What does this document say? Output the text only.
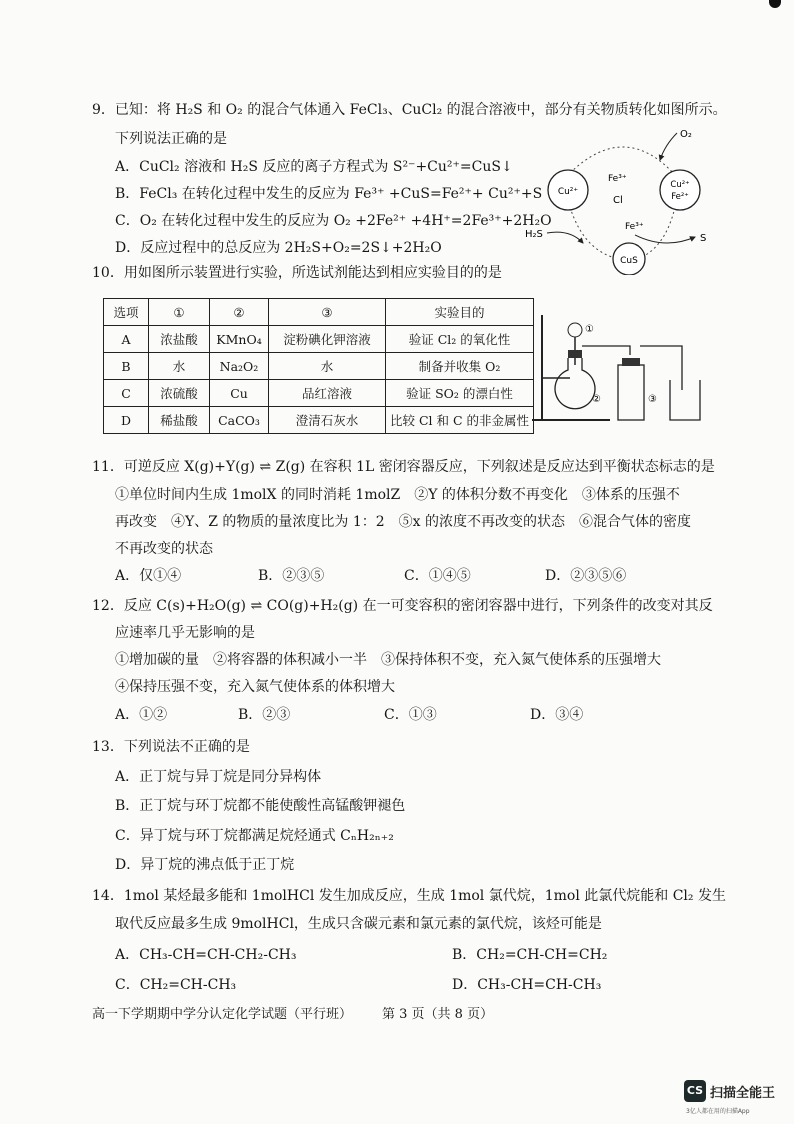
9．已知：将 H₂S 和 O₂ 的混合气体通入 FeCl₃、CuCl₂ 的混合溶液中，部分有关物质转化如图所示。
下列说法正确的是
A．CuCl₂ 溶液和 H₂S 反应的离子方程式为 S²⁻+Cu²⁺=CuS↓
B．FeCl₃ 在转化过程中发生的反应为 Fe³⁺ +CuS=Fe²⁺+ Cu²⁺+S
C．O₂ 在转化过程中发生的反应为 O₂ +2Fe²⁺ +4H⁺=2Fe³⁺+2H₂O
D．反应过程中的总反应为 2H₂S+O₂=2S↓+2H₂O
Cu²⁺
Cu²⁺
Fe²⁺
CuS
O₂
Fe³⁺
Cl
Fe³⁺
H₂S	S
10．用如图所示装置进行实验，所选试剂能达到相应实验目的的是
选项	①	②	③	实验目的
A	浓盐酸	KMnO₄	淀粉碘化钾溶液	验证 Cl₂ 的氧化性
B	水	Na₂O₂	水	制备并收集 O₂
C	浓硫酸	Cu	品红溶液	验证 SO₂ 的漂白性
D	稀盐酸	CaCO₃	澄清石灰水	比较 Cl 和 C 的非金属性
①
②	③
11．可逆反应 X(g)+Y(g) ⇌ Z(g) 在容积 1L 密闭容器反应，下列叙述是反应达到平衡状态标志的是
①单位时间内生成 1molX 的同时消耗 1molZ　②Y 的体积分数不再变化　③体系的压强不
再改变　④Y、Z 的物质的量浓度比为 1：2　⑤x 的浓度不再改变的状态　⑥混合气体的密度
不再改变的状态
A．仅①④	B．②③⑤	C．①④⑤	D．②③⑤⑥
12．反应 C(s)+H₂O(g) ⇌ CO(g)+H₂(g) 在一可变容积的密闭容器中进行，下列条件的改变对其反
应速率几乎无影响的是
①增加碳的量　②将容器的体积减小一半　③保持体积不变，充入氮气使体系的压强增大
④保持压强不变，充入氮气使体系的体积增大
A．①②	B．②③	C．①③	D．③④
13．下列说法不正确的是
A．正丁烷与异丁烷是同分异构体
B．正丁烷与环丁烷都不能使酸性高锰酸钾褪色
C．异丁烷与环丁烷都满足烷烃通式 CₙH₂ₙ₊₂
D．异丁烷的沸点低于正丁烷
14．1mol 某烃最多能和 1molHCl 发生加成反应，生成 1mol 氯代烷，1mol 此氯代烷能和 Cl₂ 发生
取代反应最多生成 9molHCl，生成只含碳元素和氯元素的氯代烷，该烃可能是
A．CH₃-CH=CH-CH₂-CH₃	B．CH₂=CH-CH=CH₂
C．CH₂=CH-CH₃	D．CH₃-CH=CH-CH₃
高一下学期期中学分认定化学试题（平行班） 第 3 页（共 8 页）
CS 扫描全能王
3亿人都在用的扫描App
